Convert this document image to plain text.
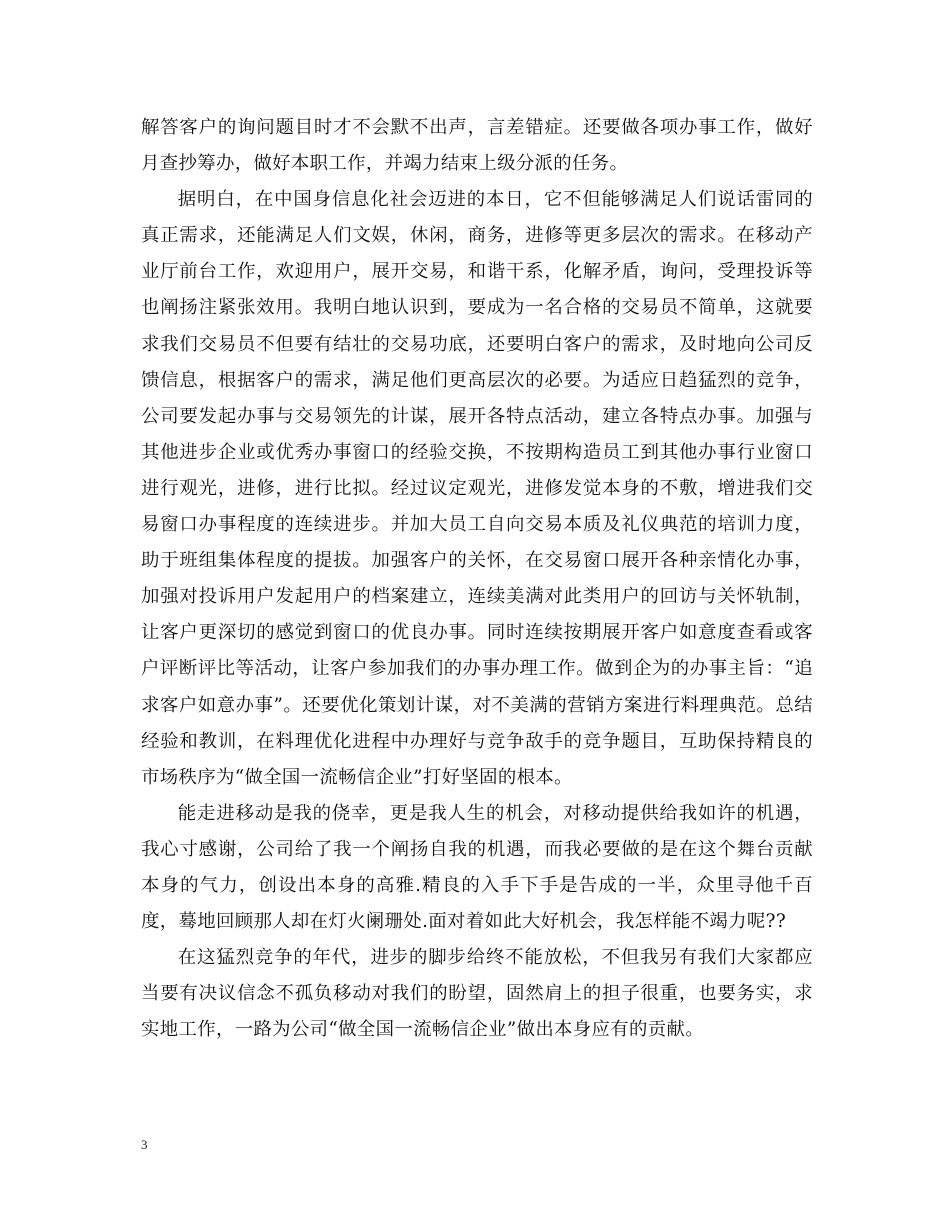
解答客户的询问题目时才不会默不出声，言差错症。还要做各项办事工作，做好月查抄筹办，做好本职工作，并竭力结束上级分派的任务。

据明白，在中国身信息化社会迈进的本日，它不但能够满足人们说话雷同的真正需求，还能满足人们文娱，休闲，商务，进修等更多层次的需求。在移动产业厅前台工作，欢迎用户，展开交易，和谐干系，化解矛盾，询问，受理投诉等也阐扬注紧张效用。我明白地认识到，要成为一名合格的交易员不简单，这就要求我们交易员不但要有结壮的交易功底，还要明白客户的需求，及时地向公司反馈信息，根据客户的需求，满足他们更高层次的必要。为适应日趋猛烈的竞争，公司要发起办事与交易领先的计谋，展开各特点活动，建立各特点办事。加强与其他进步企业或优秀办事窗口的经验交换，不按期构造员工到其他办事行业窗口进行观光，进修，进行比拟。经过议定观光，进修发觉本身的不敷，增进我们交易窗口办事程度的连续进步。并加大员工自向交易本质及礼仪典范的培训力度，助于班组集体程度的提拔。加强客户的关怀，在交易窗口展开各种亲情化办事，加强对投诉用户发起用户的档案建立，连续美满对此类用户的回访与关怀轨制，让客户更深切的感觉到窗口的优良办事。同时连续按期展开客户如意度查看或客户评断评比等活动，让客户参加我们的办事办理工作。做到企为的办事主旨：“追求客户如意办事”。还要优化策划计谋，对不美满的营销方案进行料理典范。总结经验和教训，在料理优化进程中办理好与竞争敌手的竞争题目，互助保持精良的市场秩序为“做全国一流畅信企业”打好坚固的根本。

能走进移动是我的侥幸，更是我人生的机会，对移动提供给我如许的机遇，我心寸感谢，公司给了我一个阐扬自我的机遇，而我必要做的是在这个舞台贡献本身的气力，创设出本身的高雅.精良的入手下手是告成的一半，众里寻他千百度，蓦地回顾那人却在灯火阑珊处.面对着如此大好机会，我怎样能不竭力呢??

在这猛烈竞争的年代，进步的脚步给终不能放松，不但我另有我们大家都应当要有决议信念不孤负移动对我们的盼望，固然肩上的担子很重，也要务实，求实地工作，一路为公司“做全国一流畅信企业”做出本身应有的贡献。

3
